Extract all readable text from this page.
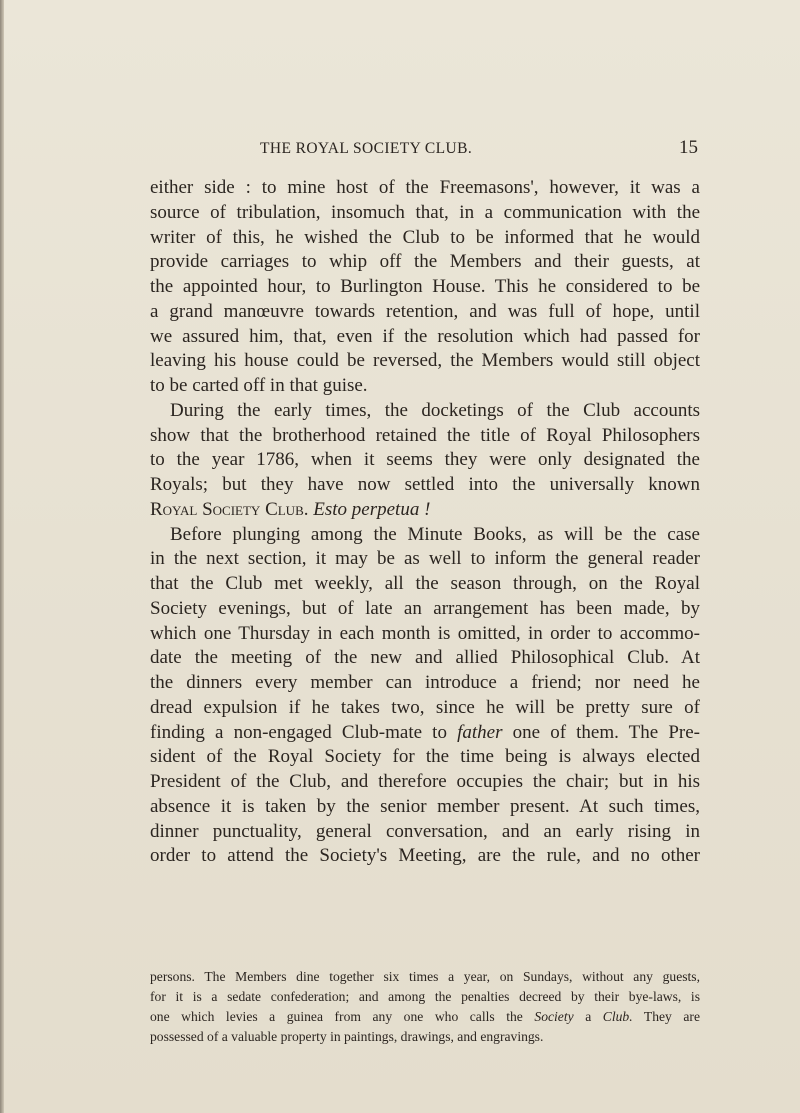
THE ROYAL SOCIETY CLUB.	15
either side : to mine host of the Freemasons', however, it was a
source of tribulation, insomuch that, in a communication with the
writer of this, he wished the Club to be informed that he would
provide carriages to whip off the Members and their guests, at
the appointed hour, to Burlington House. This he considered to be
a grand manœuvre towards retention, and was full of hope, until
we assured him, that, even if the resolution which had passed for
leaving his house could be reversed, the Members would still object
to be carted off in that guise.
During the early times, the docketings of the Club accounts
show that the brotherhood retained the title of Royal Philosophers
to the year 1786, when it seems they were only designated the
Royals; but they have now settled into the universally known
Royal Society Club. Esto perpetua !
Before plunging among the Minute Books, as will be the case
in the next section, it may be as well to inform the general reader
that the Club met weekly, all the season through, on the Royal
Society evenings, but of late an arrangement has been made, by
which one Thursday in each month is omitted, in order to accommo-
date the meeting of the new and allied Philosophical Club. At
the dinners every member can introduce a friend; nor need he
dread expulsion if he takes two, since he will be pretty sure of
finding a non-engaged Club-mate to father one of them. The Pre-
sident of the Royal Society for the time being is always elected
President of the Club, and therefore occupies the chair; but in his
absence it is taken by the senior member present. At such times,
dinner punctuality, general conversation, and an early rising in
order to attend the Society's Meeting, are the rule, and no other
persons. The Members dine together six times a year, on Sundays, without any guests,
for it is a sedate confederation; and among the penalties decreed by their bye-laws, is
one which levies a guinea from any one who calls the Society a Club. They are
possessed of a valuable property in paintings, drawings, and engravings.
